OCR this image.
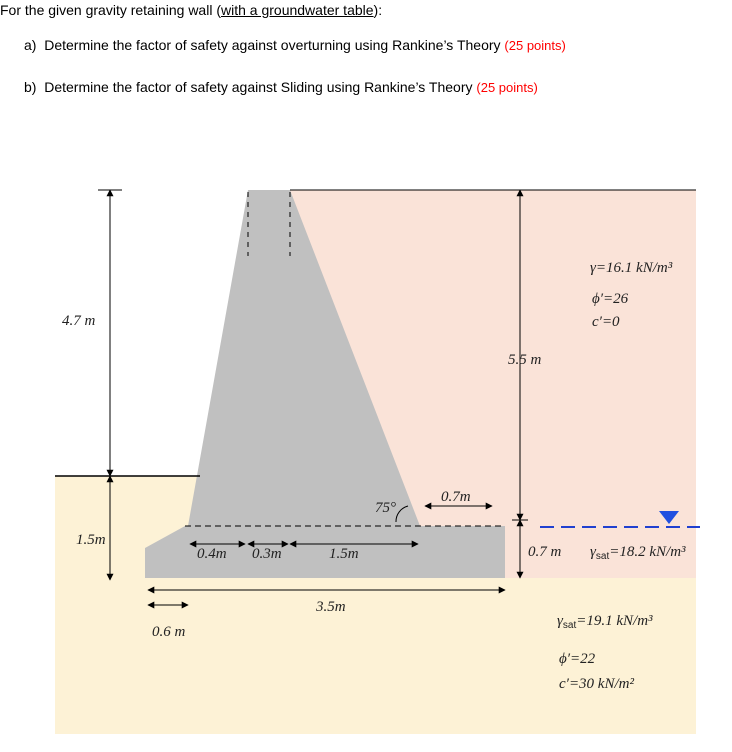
For the given gravity retaining wall (with a groundwater table):
a) Determine the factor of safety against overturning using Rankine’s Theory (25 points)
b) Determine the factor of safety against Sliding using Rankine’s Theory (25 points)
4.7 m
1.5m
5.5 m
0.7m
75°
0.4m 0.3m	1.5m
3.5m
0.6 m
0.7 m
γ=16.1 kN/m³
ϕ′=26
c′=0
$\gamma_{sat}=18.2$ kN/m³
$\gamma_{sat}=19.1$ kN/m³
ϕ′=22
c′=30 kN/m²
